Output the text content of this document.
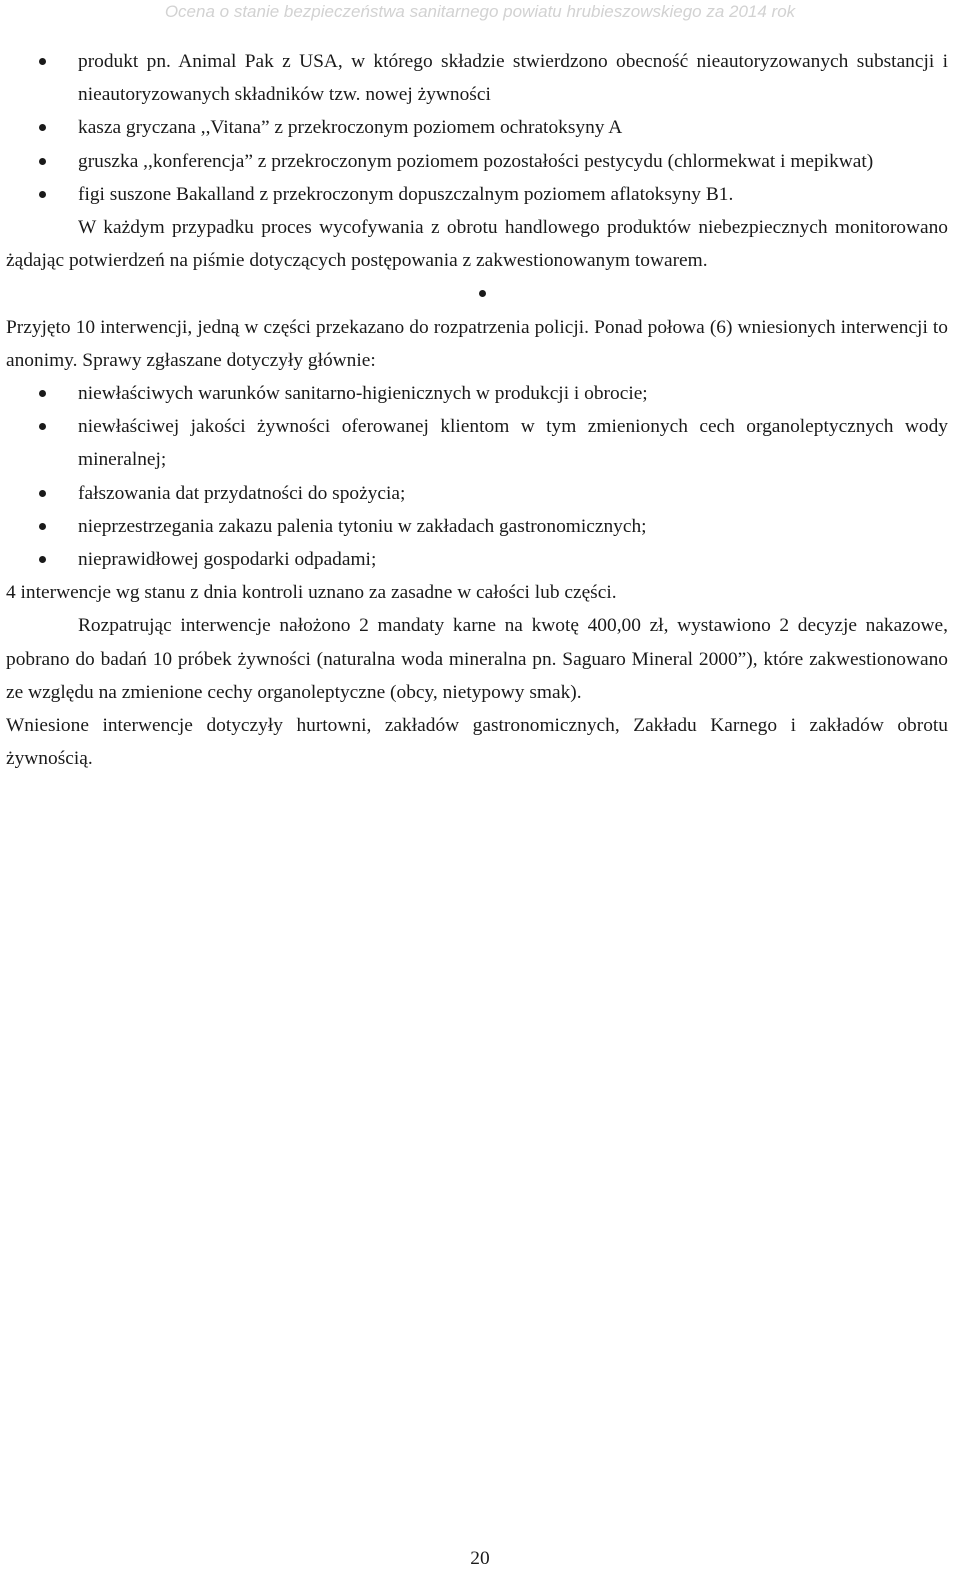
Ocena o stanie bezpieczeństwa sanitarnego powiatu hrubieszowskiego za 2014 rok
produkt pn. Animal Pak z USA, w którego składzie stwierdzono obecność nieautoryzowanych substancji i nieautoryzowanych składników tzw. nowej żywności
kasza gryczana ,,Vitana” z przekroczonym poziomem ochratoksyny A
gruszka ,,konferencja” z przekroczonym poziomem pozostałości pestycydu (chlormekwat i mepikwat)
figi suszone Bakalland z przekroczonym dopuszczalnym poziomem aflatoksyny B1.

W każdym przypadku proces wycofywania z obrotu handlowego produktów niebezpiecznych monitorowano żądając potwierdzeń na piśmie dotyczących postępowania z zakwestionowanym towarem.

Przyjęto 10 interwencji, jedną w części przekazano do rozpatrzenia policji. Ponad połowa (6) wniesionych interwencji to anonimy. Sprawy zgłaszane dotyczyły głównie:

niewłaściwych warunków sanitarno-higienicznych w produkcji i obrocie;
niewłaściwej jakości żywności oferowanej klientom w tym zmienionych cech organoleptycznych wody mineralnej;
fałszowania dat przydatności do spożycia;
nieprzestrzegania zakazu palenia tytoniu w zakładach gastronomicznych;
nieprawidłowej gospodarki odpadami;

4 interwencje wg stanu z dnia kontroli uznano za zasadne w całości lub części.

Rozpatrując interwencje nałożono 2 mandaty karne na kwotę 400,00 zł, wystawiono 2 decyzje nakazowe, pobrano do badań 10 próbek żywności (naturalna woda mineralna pn. Saguaro Mineral 2000”), które zakwestionowano ze względu na zmienione cechy organoleptyczne (obcy, nietypowy smak).

Wniesione interwencje dotyczyły hurtowni, zakładów gastronomicznych, Zakładu Karnego i zakładów obrotu żywnością.

20
